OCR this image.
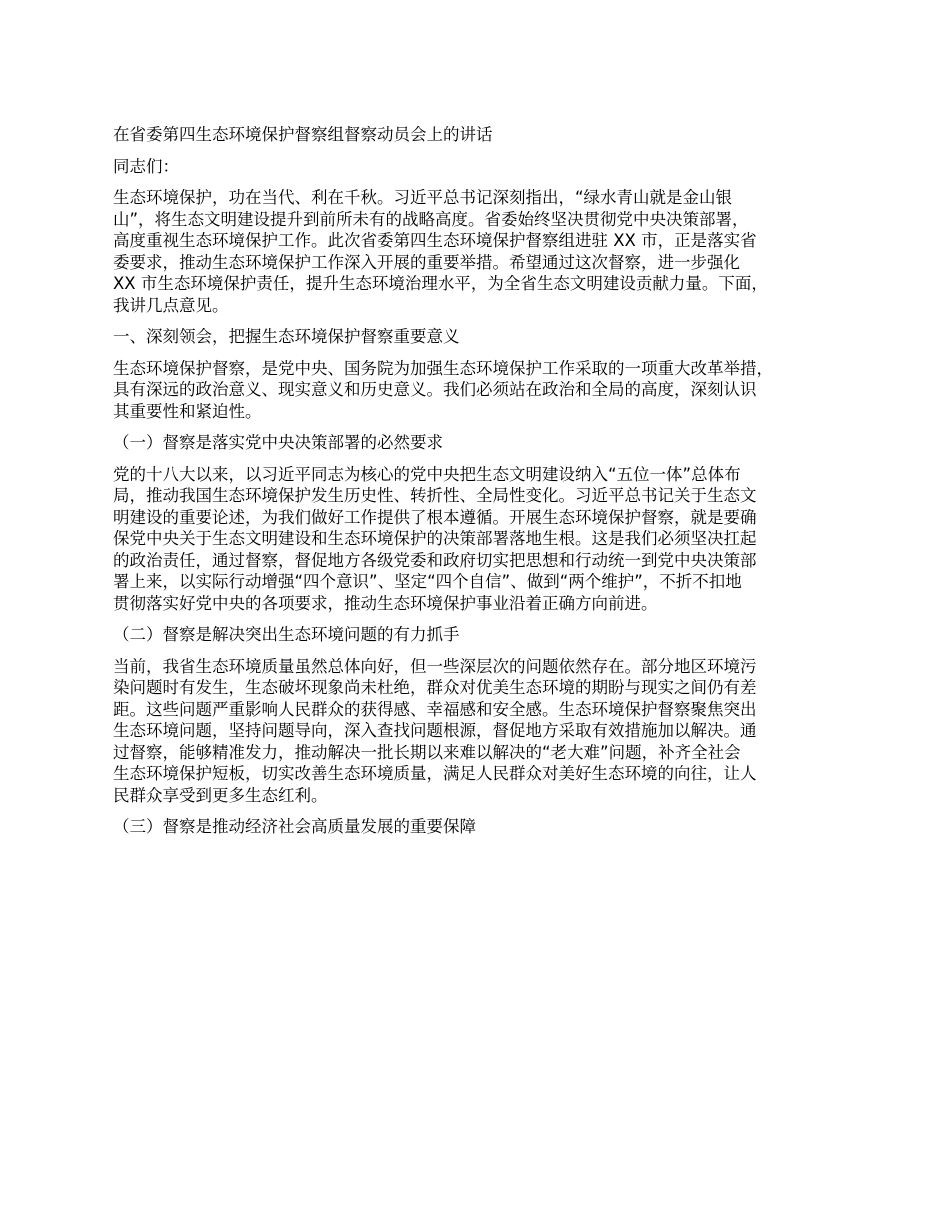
在省委第四生态环境保护督察组督察动员会上的讲话

同志们：

生态环境保护，功在当代、利在千秋。习近平总书记深刻指出，“绿水青山就是金山银
山”，将生态文明建设提升到前所未有的战略高度。省委始终坚决贯彻党中央决策部署，
高度重视生态环境保护工作。此次省委第四生态环境保护督察组进驻 XX 市，正是落实省
委要求，推动生态环境保护工作深入开展的重要举措。希望通过这次督察，进一步强化
XX 市生态环境保护责任，提升生态环境治理水平，为全省生态文明建设贡献力量。下面，
我讲几点意见。

一、深刻领会，把握生态环境保护督察重要意义

生态环境保护督察，是党中央、国务院为加强生态环境保护工作采取的一项重大改革举措，
具有深远的政治意义、现实意义和历史意义。我们必须站在政治和全局的高度，深刻认识
其重要性和紧迫性。

（一）督察是落实党中央决策部署的必然要求

党的十八大以来，以习近平同志为核心的党中央把生态文明建设纳入“五位一体”总体布
局，推动我国生态环境保护发生历史性、转折性、全局性变化。习近平总书记关于生态文
明建设的重要论述，为我们做好工作提供了根本遵循。开展生态环境保护督察，就是要确
保党中央关于生态文明建设和生态环境保护的决策部署落地生根。这是我们必须坚决扛起
的政治责任，通过督察，督促地方各级党委和政府切实把思想和行动统一到党中央决策部
署上来，以实际行动增强“四个意识”、坚定“四个自信”、做到“两个维护”，不折不扣地
贯彻落实好党中央的各项要求，推动生态环境保护事业沿着正确方向前进。

（二）督察是解决突出生态环境问题的有力抓手

当前，我省生态环境质量虽然总体向好，但一些深层次的问题依然存在。部分地区环境污
染问题时有发生，生态破坏现象尚未杜绝，群众对优美生态环境的期盼与现实之间仍有差
距。这些问题严重影响人民群众的获得感、幸福感和安全感。生态环境保护督察聚焦突出
生态环境问题，坚持问题导向，深入查找问题根源，督促地方采取有效措施加以解决。通
过督察，能够精准发力，推动解决一批长期以来难以解决的“老大难”问题，补齐全社会
生态环境保护短板，切实改善生态环境质量，满足人民群众对美好生态环境的向往，让人
民群众享受到更多生态红利。

（三）督察是推动经济社会高质量发展的重要保障
